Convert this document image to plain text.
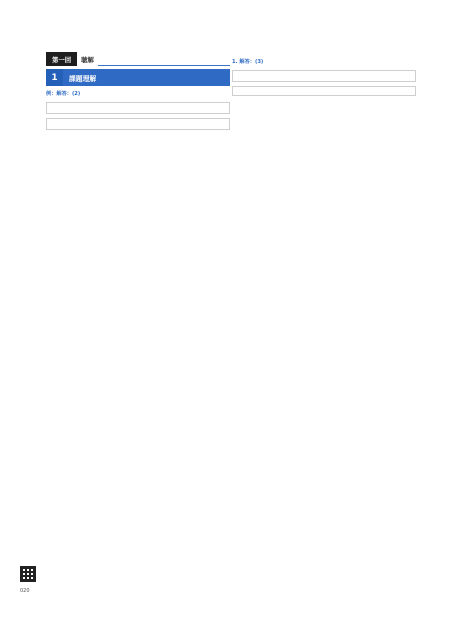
第一回	聴解
1	課題理解
例：解答：(2)
1. 解答：(3)
020
